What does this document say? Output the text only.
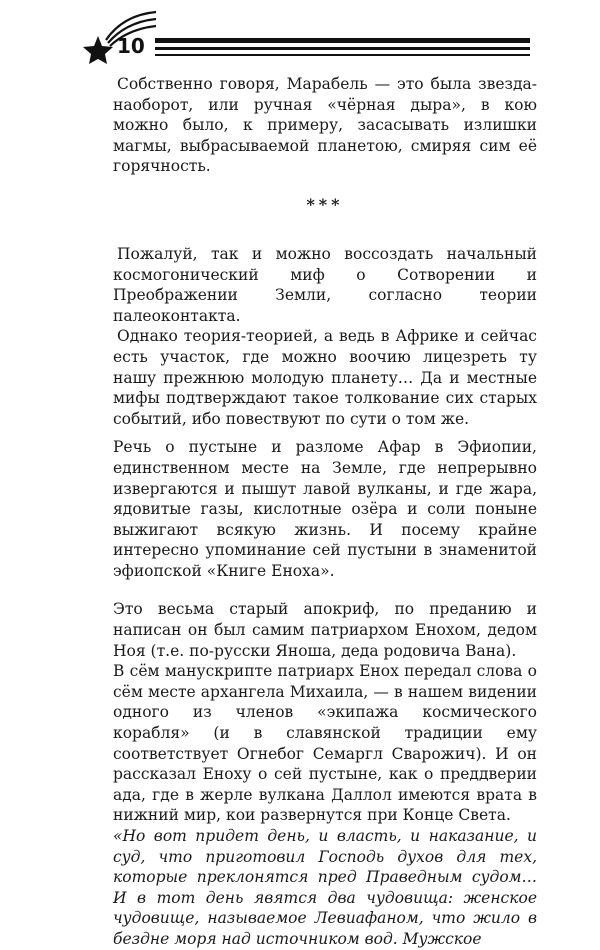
10

Собственно говоря, Марабель — это была звезда-наоборот, или ручная «чёрная дыра», в кою можно было, к примеру, засасывать излишки магмы, выбрасываемой планетою, смиряя сим её горячность.

***

Пожалуй, так и можно воссоздать начальный космогонический миф о Сотворении и Преображении Земли, согласно теории палеоконтакта.

Однако теория-теорией, а ведь в Африке и сейчас есть участок, где можно воочию лицезреть ту нашу прежнюю молодую планету… Да и местные мифы подтверждают такое толкование сих старых событий, ибо повествуют по сути о том же.

Речь о пустыне и разломе Афар в Эфиопии, единственном месте на Земле, где непрерывно извергаются и пышут лавой вулканы, и где жара, ядовитые газы, кислотные озёра и соли поныне выжигают всякую жизнь. И посему крайне интересно упоминание сей пустыни в знаменитой эфиопской «Книге Еноха».

Это весьма старый апокриф, по преданию и написан он был самим патриархом Енохом, дедом Ноя (т.е. по-русски Яноша, деда родовича Вана).

В сём манускрипте патриарх Енох передал слова о сём месте архангела Михаила, — в нашем видении одного из членов «экипажа космического корабля» (и в славянской традиции ему соответствует Огнебог Семаргл Сварожич). И он рассказал Еноху о сей пустыне, как о преддверии ада, где в жерле вулкана Даллол имеются врата в нижний мир, кои развернутся при Конце Света.

«Но вот придет день, и власть, и наказание, и суд, что приготовил Господь духов для тех, которые преклонятся пред Праведным судом… И в тот день явятся два чудовища: женское чудовище, называемое Левиафаном, что жило в бездне моря над источником вод. Мужское
